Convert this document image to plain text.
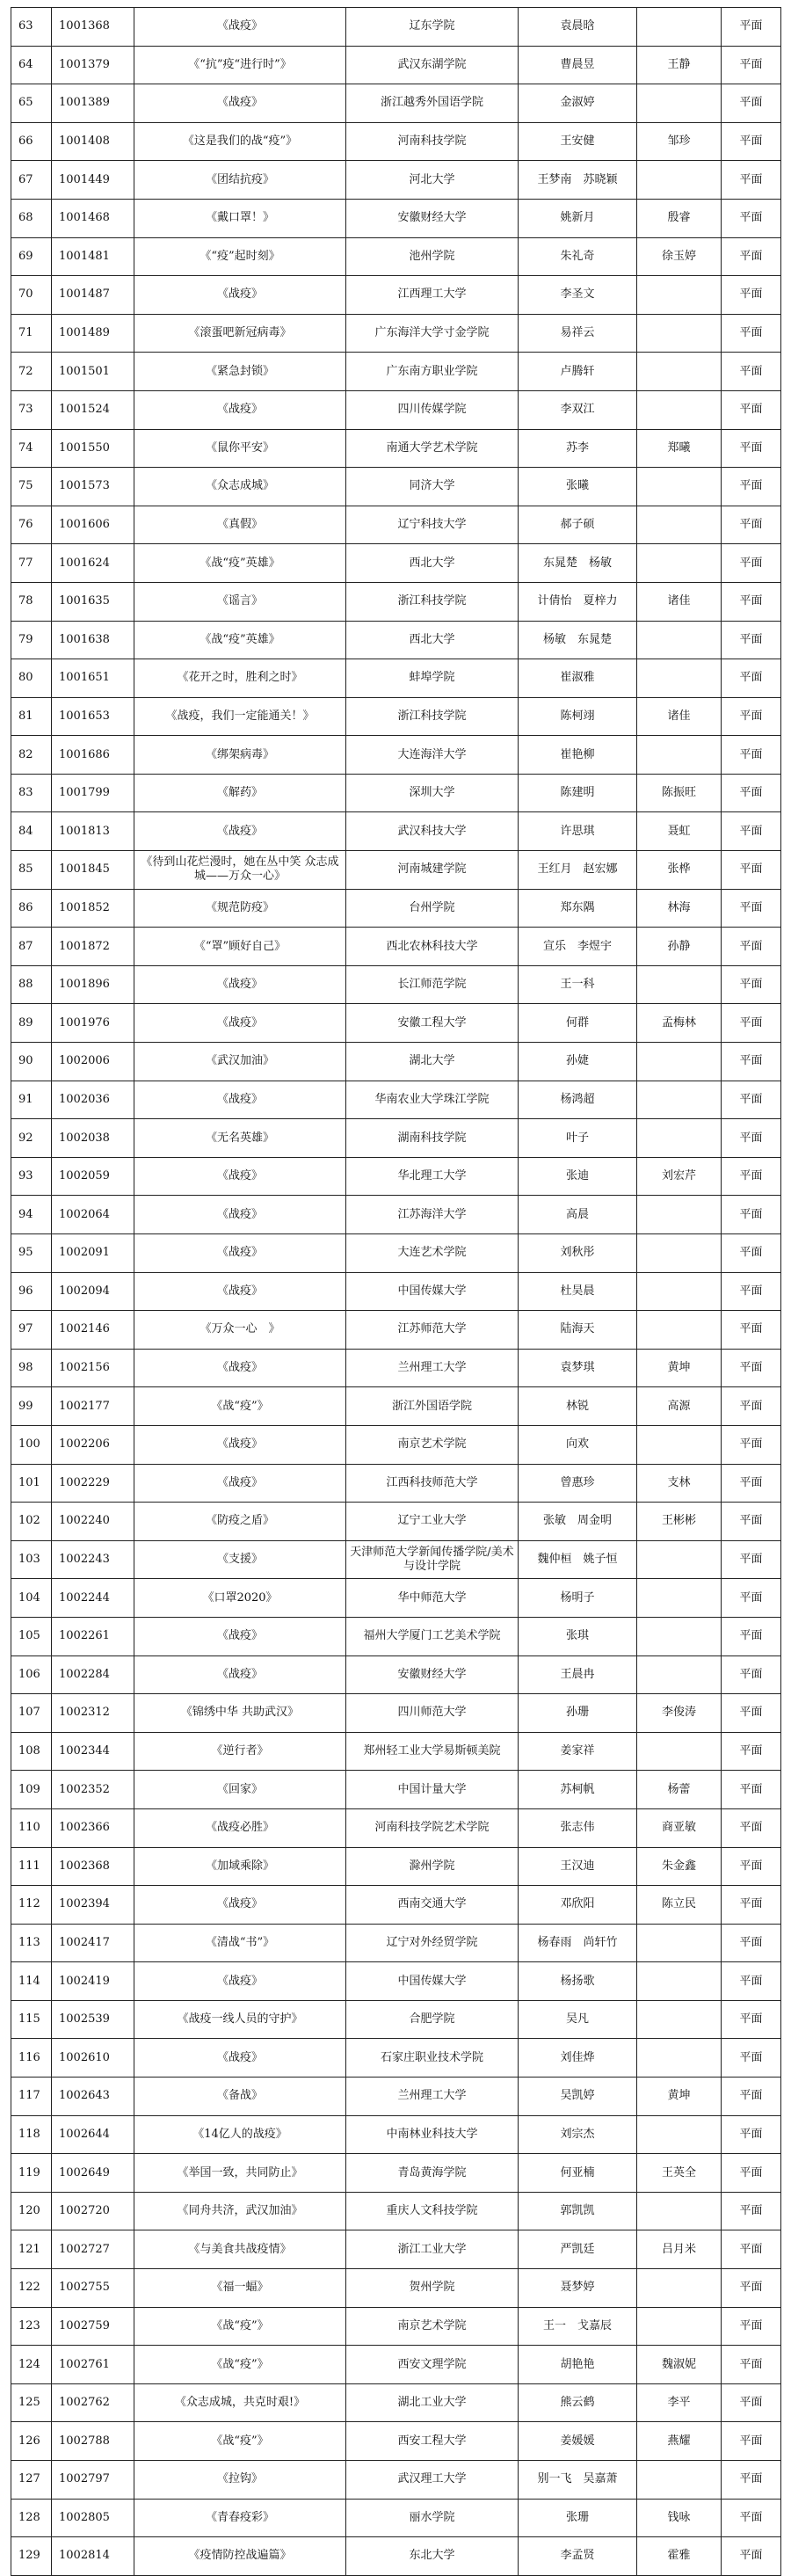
63	1001368	《战疫》	辽东学院	袁晨晗		平面
64	1001379	《“抗”疫“进行时”》	武汉东湖学院	曹晨昱	王静	平面
65	1001389	《战疫》	浙江越秀外国语学院	金淑婷		平面
66	1001408	《这是我们的战“疫”》	河南科技学院	王安健	邹珍	平面
67	1001449	《团结抗疫》	河北大学	王梦南　苏晓颖		平面
68	1001468	《戴口罩！》	安徽财经大学	姚新月	殷睿	平面
69	1001481	《“疫”起时刻》	池州学院	朱礼奇	徐玉婷	平面
70	1001487	《战疫》	江西理工大学	李圣文		平面
71	1001489	《滚蛋吧新冠病毒》	广东海洋大学寸金学院	易祥云		平面
72	1001501	《紧急封锁》	广东南方职业学院	卢腾轩		平面
73	1001524	《战疫》	四川传媒学院	李双江		平面
74	1001550	《鼠你平安》	南通大学艺术学院	苏李	郑曦	平面
75	1001573	《众志成城》	同济大学	张曦		平面
76	1001606	《真假》	辽宁科技大学	郝子硕		平面
77	1001624	《战“疫”英雄》	西北大学	东晁楚　杨敏		平面
78	1001635	《谣言》	浙江科技学院	计倩怡　夏梓力	诸佳	平面
79	1001638	《战“疫”英雄》	西北大学	杨敏　东晁楚		平面
80	1001651	《花开之时，胜利之时》	蚌埠学院	崔淑雅		平面
81	1001653	《战疫，我们一定能通关！》	浙江科技学院	陈柯翊	诸佳	平面
82	1001686	《绑架病毒》	大连海洋大学	崔艳柳		平面
83	1001799	《解药》	深圳大学	陈建明	陈振旺	平面
84	1001813	《战疫》	武汉科技大学	许思琪	聂虹	平面
85	1001845	《待到山花烂漫时，她在丛中笑 众志成城——万众一心》	河南城建学院	王红月　赵宏娜	张桦	平面
86	1001852	《规范防疫》	台州学院	郑东隅	林海	平面
87	1001872	《“罩”顾好自己》	西北农林科技大学	宣乐　李煜宇	孙静	平面
88	1001896	《战疫》	长江师范学院	王一科		平面
89	1001976	《战疫》	安徽工程大学	何群	孟梅林	平面
90	1002006	《武汉加油》	湖北大学	孙婕		平面
91	1002036	《战疫》	华南农业大学珠江学院	杨鸿超		平面
92	1002038	《无名英雄》	湖南科技学院	叶子		平面
93	1002059	《战疫》	华北理工大学	张迪	刘宏芹	平面
94	1002064	《战疫》	江苏海洋大学	高晨		平面
95	1002091	《战疫》	大连艺术学院	刘秋彤		平面
96	1002094	《战疫》	中国传媒大学	杜昊晨		平面
97	1002146	《万众一心　》	江苏师范大学	陆海天		平面
98	1002156	《战疫》	兰州理工大学	袁梦琪	黄坤	平面
99	1002177	《战“疫”》	浙江外国语学院	林锐	高源	平面
100	1002206	《战疫》	南京艺术学院	向欢		平面
101	1002229	《战疫》	江西科技师范大学	曾惠珍	支林	平面
102	1002240	《防疫之盾》	辽宁工业大学	张敏　周金明	王彬彬	平面
103	1002243	《支援》	天津师范大学新闻传播学院/美术与设计学院	魏仲桓　姚子恒		平面
104	1002244	《口罩2020》	华中师范大学	杨明子		平面
105	1002261	《战疫》	福州大学厦门工艺美术学院	张琪		平面
106	1002284	《战疫》	安徽财经大学	王晨冉		平面
107	1002312	《锦绣中华 共助武汉》	四川师范大学	孙珊	李俊涛	平面
108	1002344	《逆行者》	郑州轻工业大学易斯顿美院	姜家祥		平面
109	1002352	《回家》	中国计量大学	苏柯帆	杨蕾	平面
110	1002366	《战疫必胜》	河南科技学院艺术学院	张志伟	商亚敏	平面
111	1002368	《加域乘除》	滁州学院	王汉迪	朱金鑫	平面
112	1002394	《战疫》	西南交通大学	邓欣阳	陈立民	平面
113	1002417	《清战“书”》	辽宁对外经贸学院	杨春雨　尚轩竹		平面
114	1002419	《战疫》	中国传媒大学	杨扬歌		平面
115	1002539	《战疫一线人员的守护》	合肥学院	吴凡		平面
116	1002610	《战疫》	石家庄职业技术学院	刘佳烨		平面
117	1002643	《备战》	兰州理工大学	吴凯婷	黄坤	平面
118	1002644	《14亿人的战疫》	中南林业科技大学	刘宗杰		平面
119	1002649	《举国一致，共同防止》	青岛黄海学院	何亚楠	王英全	平面
120	1002720	《同舟共济，武汉加油》	重庆人文科技学院	郭凯凯		平面
121	1002727	《与美食共战疫情》	浙江工业大学	严凯廷	吕月米	平面
122	1002755	《福一蝠》	贺州学院	聂梦婷		平面
123	1002759	《战“疫”》	南京艺术学院	王一　戈嘉辰		平面
124	1002761	《战“疫”》	西安文理学院	胡艳艳	魏淑妮	平面
125	1002762	《众志成城，共克时艰!》	湖北工业大学	熊云鹤	李平	平面
126	1002788	《战“疫”》	西安工程大学	姜媛媛	燕耀	平面
127	1002797	《拉钩》	武汉理工大学	别一飞　吴嘉萧		平面
128	1002805	《青春疫彩》	丽水学院	张珊	钱咏	平面
129	1002814	《疫情防控战遍篇》	东北大学	李孟贤	霍雅	平面
